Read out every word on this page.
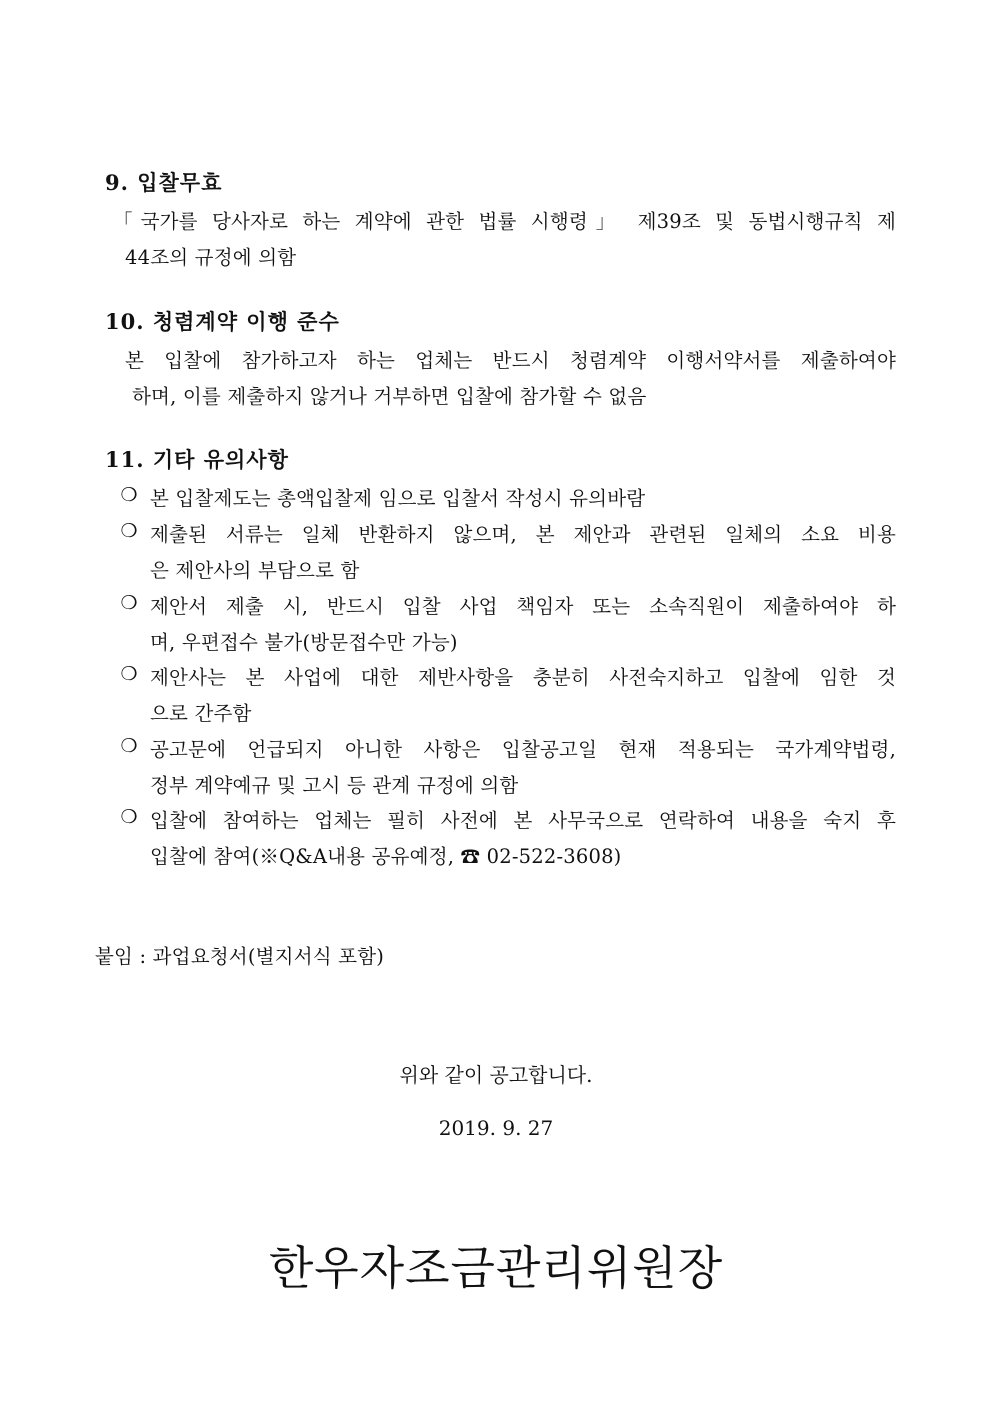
9. 입찰무효
「국가를 당사자로 하는 계약에 관한 법률 시행령」 제39조 및 동법시행규칙 제
44조의 규정에 의함
10. 청렴계약 이행 준수
본 입찰에 참가하고자 하는 업체는 반드시 청렴계약 이행서약서를 제출하여야
하며, 이를 제출하지 않거나 거부하면 입찰에 참가할 수 없음
11. 기타 유의사항
❍ 본 입찰제도는 총액입찰제 임으로 입찰서 작성시 유의바람
❍ 제출된 서류는 일체 반환하지 않으며, 본 제안과 관련된 일체의 소요 비용
은 제안사의 부담으로 함
❍ 제안서 제출 시, 반드시 입찰 사업 책임자 또는 소속직원이 제출하여야 하
며, 우편접수 불가(방문접수만 가능)
❍ 제안사는 본 사업에 대한 제반사항을 충분히 사전숙지하고 입찰에 임한 것
으로 간주함
❍ 공고문에 언급되지 아니한 사항은 입찰공고일 현재 적용되는 국가계약법령,
정부 계약예규 및 고시 등 관계 규정에 의함
❍ 입찰에 참여하는 업체는 필히 사전에 본 사무국으로 연락하여 내용을 숙지 후
입찰에 참여(※Q&A내용 공유예정, ☎ 02-522-3608)
붙임 : 과업요청서(별지서식 포함)
위와 같이 공고합니다.
2019. 9. 27
한우자조금관리위원장
